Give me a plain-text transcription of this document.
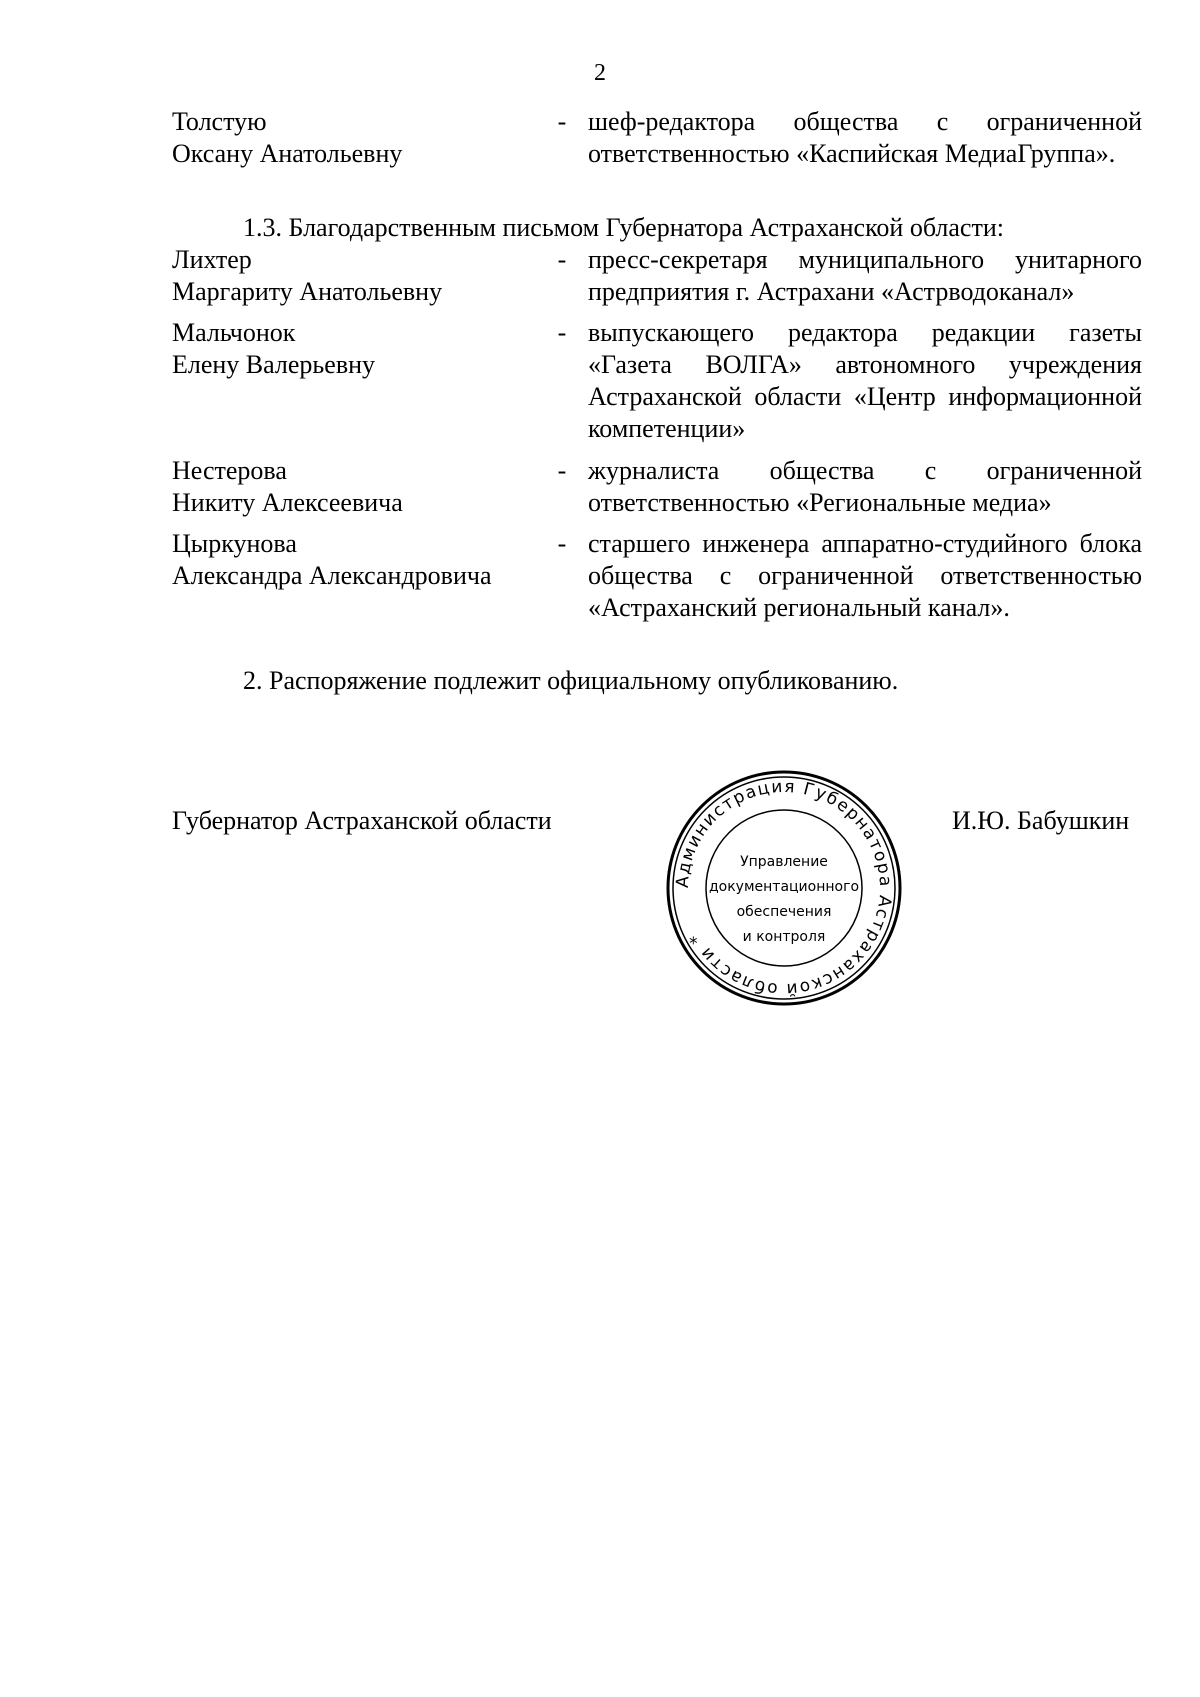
2
Толстую
Оксану Анатольевну
- шеф-редактора общества с ограниченной ответственностью «Каспийская МедиаГруппа».
1.3. Благодарственным письмом Губернатора Астраханской области:
Лихтер
Маргариту Анатольевну
- пресс-секретаря муниципального унитарного предприятия г. Астрахани «Астрводоканал»
Мальчонок
Елену Валерьевну
- выпускающего редактора редакции газеты «Газета ВОЛГА» автономного учреждения Астраханской области «Центр информационной компетенции»
Нестерова
Никиту Алексеевича
- журналиста общества с ограниченной ответственностью «Региональные медиа»
Цыркунова
Александра Александровича
- старшего инженера аппаратно-студийного блока общества с ограниченной ответственностью «Астраханский региональный канал».
2. Распоряжение подлежит официальному опубликованию.
Губернатор Астраханской области
Администрация Губернатора Астраханской области *
Управление
документационного
обеспечения
и контроля
И.Ю. Бабушкин
